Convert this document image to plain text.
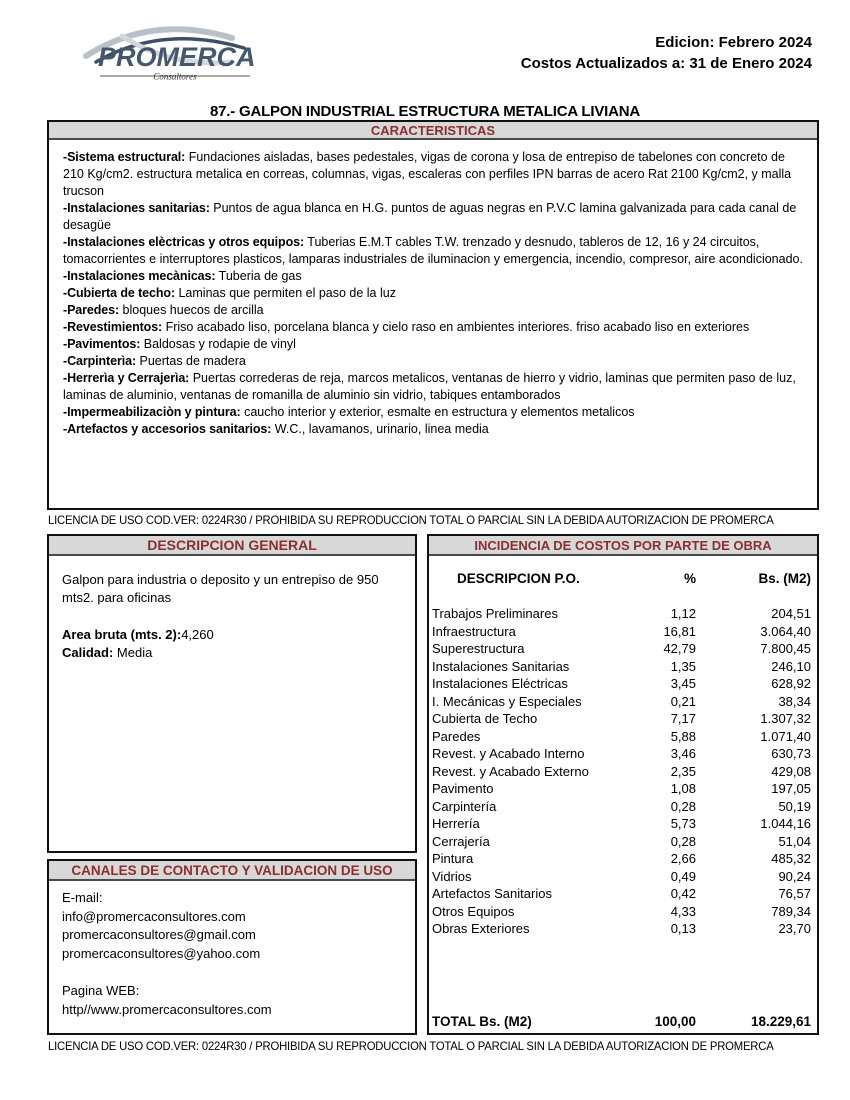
PROMERCA
Consultores
Edicion: Febrero 2024
Costos Actualizados a: 31 de Enero 2024
87.- GALPON INDUSTRIAL ESTRUCTURA METALICA LIVIANA
CARACTERISTICAS
-Sistema estructural: Fundaciones aisladas, bases pedestales, vigas de corona y losa de entrepiso de tabelones con concreto de 210 Kg/cm2. estructura metalica en correas, columnas, vigas, escaleras con perfiles IPN barras de acero Rat 2100 Kg/cm2, y malla trucson
-Instalaciones sanitarias: Puntos de agua blanca en H.G. puntos de aguas negras en P.V.C lamina galvanizada para cada canal de desagüe
-Instalaciones elèctricas y otros equipos: Tuberias E.M.T cables T.W. trenzado y desnudo, tableros de 12, 16 y 24 circuitos, tomacorrientes e interruptores plasticos, lamparas industriales de iluminacion y emergencia, incendio, compresor, aire acondicionado.
-Instalaciones mecànicas: Tuberia de gas
-Cubierta de techo: Laminas que permiten el paso de la luz
-Paredes: bloques huecos de arcilla
-Revestimientos: Friso acabado liso, porcelana blanca y cielo raso en ambientes interiores. friso acabado liso en exteriores
-Pavimentos: Baldosas y rodapie de vinyl
-Carpinterìa: Puertas de madera
-Herrerìa y Cerrajerìa: Puertas correderas de reja, marcos metalicos, ventanas de hierro y vidrio, laminas que permiten paso de luz, laminas de aluminio, ventanas de romanilla de aluminio sin vidrio, tabiques entamborados
-Impermeabilizaciòn y pintura: caucho interior y exterior, esmalte en estructura y elementos metalicos
-Artefactos y accesorios sanitarios: W.C., lavamanos, urinario, linea media
LICENCIA DE USO COD.VER: 0224R30 / PROHIBIDA SU REPRODUCCION TOTAL O PARCIAL SIN LA DEBIDA AUTORIZACION DE PROMERCA
DESCRIPCION GENERAL
Galpon para industria o deposito y un entrepiso de 950 mts2. para oficinas
Area bruta (mts. 2):4,260
Calidad: Media
CANALES DE CONTACTO Y VALIDACION DE USO
E-mail:
info@promercaconsultores.com
promercaconsultores@gmail.com
promercaconsultores@yahoo.com
Pagina WEB:
http//www.promercaconsultores.com
INCIDENCIA DE COSTOS POR PARTE DE OBRA
DESCRIPCION P.O.	%	Bs. (M2)
Trabajos Preliminares	1,12	204,51
Infraestructura	16,81	3.064,40
Superestructura	42,79	7.800,45
Instalaciones Sanitarias	1,35	246,10
Instalaciones Eléctricas	3,45	628,92
I. Mecánicas y Especiales	0,21	38,34
Cubierta de Techo	7,17	1.307,32
Paredes	5,88	1.071,40
Revest. y Acabado Interno	3,46	630,73
Revest. y Acabado Externo	2,35	429,08
Pavimento	1,08	197,05
Carpintería	0,28	50,19
Herrería	5,73	1.044,16
Cerrajería	0,28	51,04
Pintura	2,66	485,32
Vidrios	0,49	90,24
Artefactos Sanitarios	0,42	76,57
Otros Equipos	4,33	789,34
Obras Exteriores	0,13	23,70
TOTAL Bs. (M2)	100,00	18.229,61
LICENCIA DE USO COD.VER: 0224R30 / PROHIBIDA SU REPRODUCCION TOTAL O PARCIAL SIN LA DEBIDA AUTORIZACION DE PROMERCA
